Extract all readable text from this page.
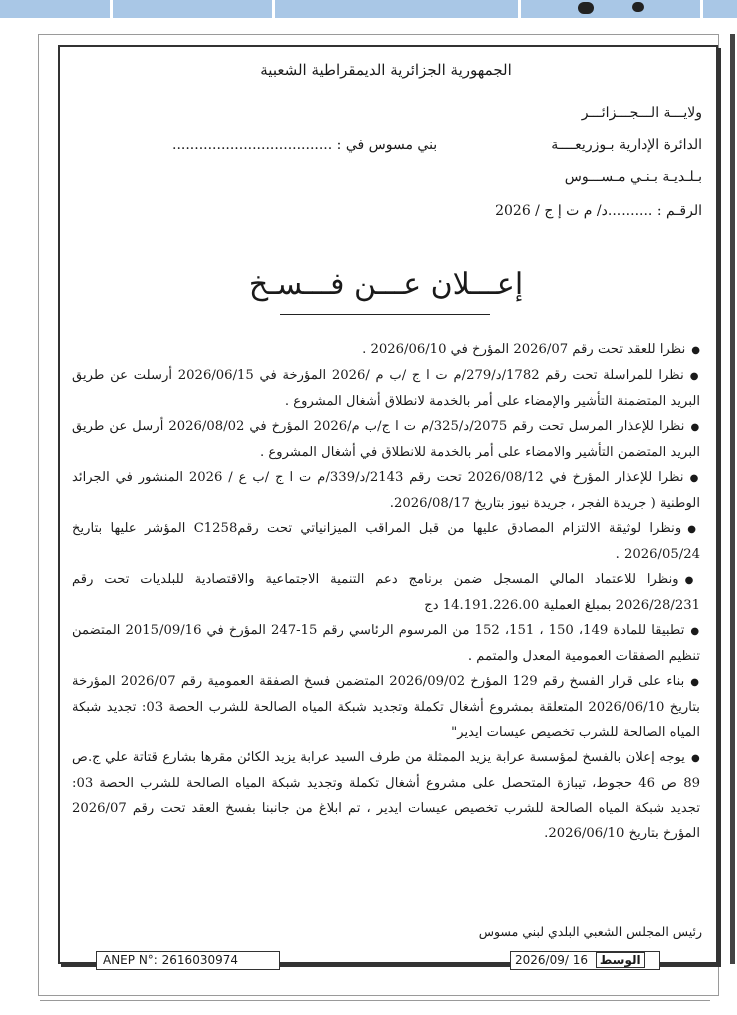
الجمهورية الجزائرية الديمقراطية الشعبية
ولايـــة الـــجـــزائـــر
الدائرة الإدارية بـوزريعــــة
بـلـديـة بـنـي مـســـوس
الرقـم : ..........د/ م ت إ ج / 2026
بني مسوس في : ....................................
إعـــلان عـــن فـــسـخ

●نظرا للعقد تحت رقم 2026/07 المؤرخ في 2026/06/10 .

●نظرا للمراسلة تحت رقم 1782/د/279/م ت ا ج /ب م /2026 المؤرخة في 2026/06/15 أرسلت عن طريق البريد المتضمنة التأشير والإمضاء على أمر بالخدمة لانطلاق أشغال المشروع .

●نظرا للإعذار المرسل تحت رقم 2075/د/325/م ت ا ج/ب م/2026 المؤرخ في 2026/08/02 أرسل عن طريق البريد المتضمن التأشير والامضاء على أمر بالخدمة للانطلاق في أشغال المشروع .

●نظرا للإعذار المؤرخ في 2026/08/12 تحت رقم 2143/د/339/م ت ا ج /ب ع / 2026 المنشور في الجرائد الوطنية ( جريدة الفجر ، جريدة نيوز بتاريخ 2026/08/17.

●ونظرا لوثيقة الالتزام المصادق عليها من قبل المراقب الميزانياتي تحت رقمC1258 المؤشر عليها بتاريخ 2026/05/24 .

●ونظرا للاعتماد المالي المسجل ضمن برنامج دعم التنمية الاجتماعية والاقتصادية للبلديات تحت رقم 2026/28/231 بمبلغ العملية 14.191.226.00 دج

●تطبيقا للمادة 149، 150 ، 151، 152 من المرسوم الرئاسي رقم 15-247 المؤرخ في 2015/09/16 المتضمن تنظيم الصفقات العمومية المعدل والمتمم .

●بناء على قرار الفسخ رقم 129 المؤرخ 2026/09/02 المتضمن فسخ الصفقة العمومية رقم 2026/07 المؤرخة بتاريخ 2026/06/10 المتعلقة بمشروع أشغال تكملة وتجديد شبكة المياه الصالحة للشرب الحصة 03: تجديد شبكة المياه الصالحة للشرب تخصيص عيسات ايدير"

●يوجه إعلان بالفسخ لمؤسسة عرابة يزيد الممثلة من طرف السيد عرابة يزيد الكائن مقرها بشارع قتاتة علي ج.ص 89 ص 46 حجوط، تيبازة المتحصل على مشروع أشغال تكملة وتجديد شبكة المياه الصالحة للشرب الحصة 03: تجديد شبكة المياه الصالحة للشرب تخصيص عيسات ايدير ، تم ابلاغ من جانبنا بفسخ العقد تحت رقم 2026/07 المؤرخ بتاريخ 2026/06/10.

رئيس المجلس الشعبي البلدي لبني مسوس
ANEP N°: 2616030974	2026/09/ 16 الوسط
